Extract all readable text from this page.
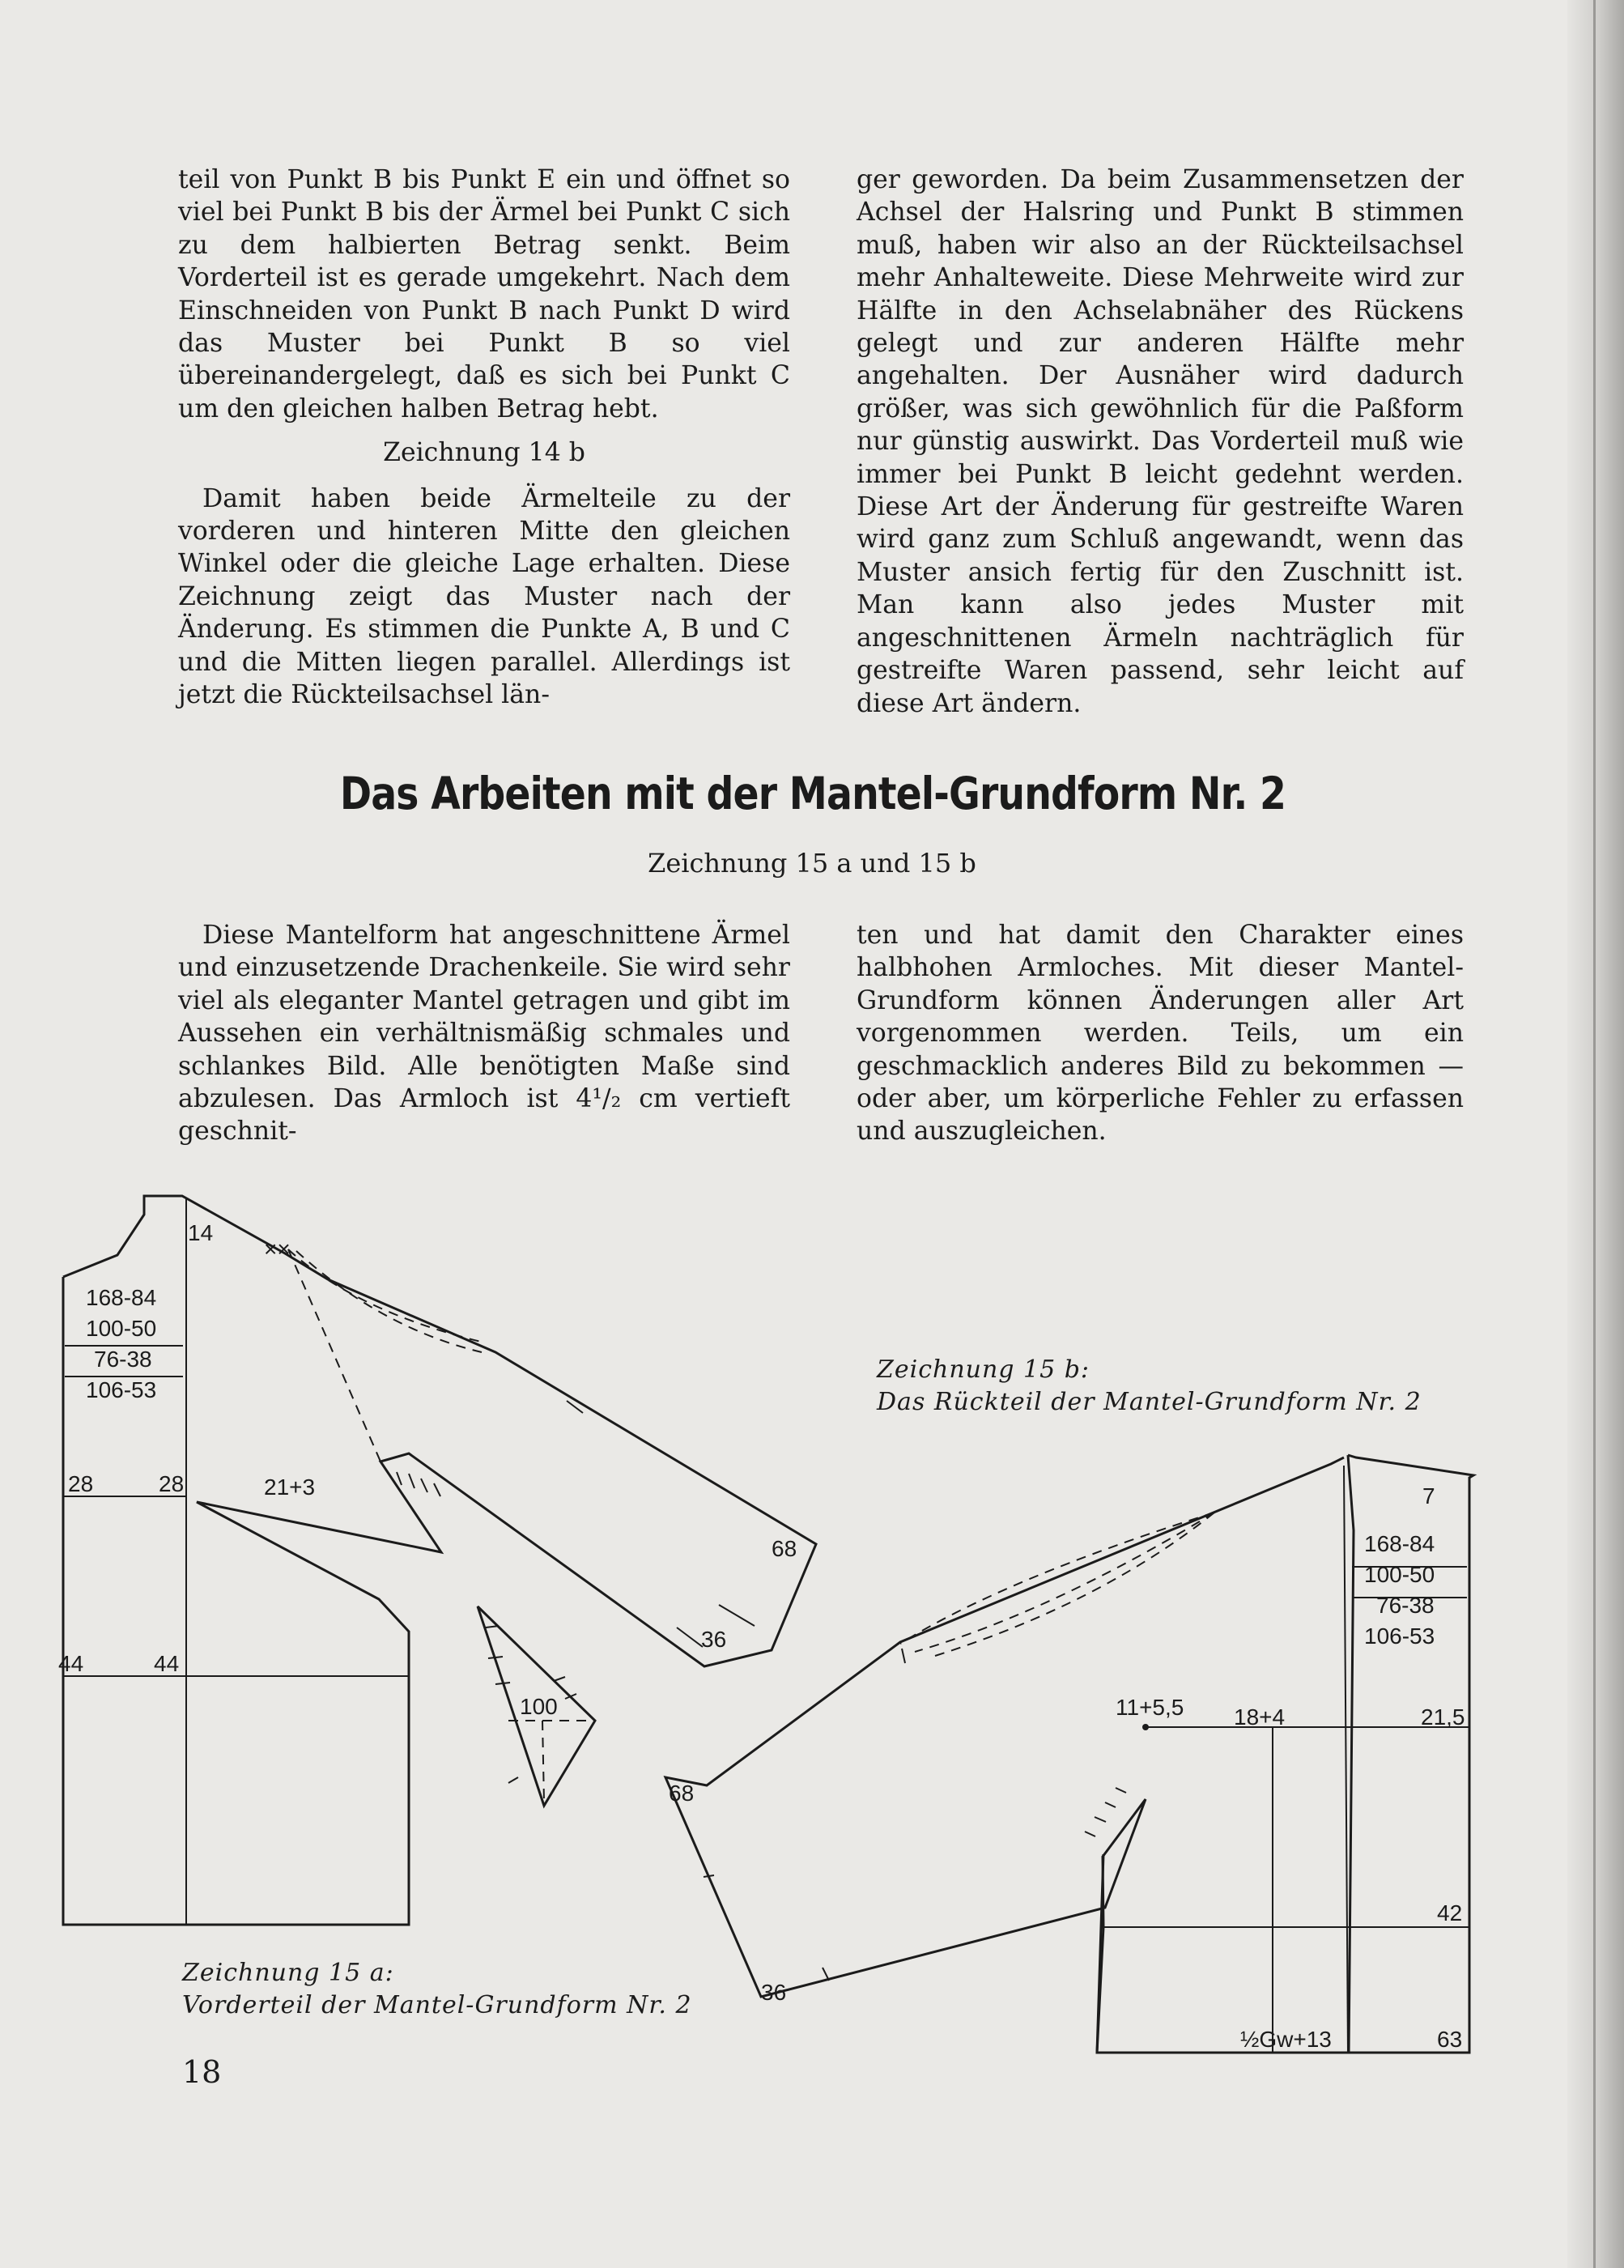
teil von Punkt B bis Punkt E ein und öffnet so viel bei Punkt B bis der Ärmel bei Punkt C sich zu dem halbierten Betrag senkt. Beim Vorderteil ist es gerade umgekehrt. Nach dem Einschneiden von Punkt B nach Punkt D wird das Muster bei Punkt B so viel übereinandergelegt, daß es sich bei Punkt C um den gleichen halben Betrag hebt.

Zeichnung 14 b

Damit haben beide Ärmelteile zu der vorderen und hinteren Mitte den gleichen Winkel oder die gleiche Lage erhalten. Diese Zeichnung zeigt das Muster nach der Änderung. Es stimmen die Punkte A, B und C und die Mitten liegen parallel. Allerdings ist jetzt die Rückteilsachsel län-

ger geworden. Da beim Zusammensetzen der Achsel der Halsring und Punkt B stimmen muß, haben wir also an der Rückteilsachsel mehr Anhalteweite. Diese Mehrweite wird zur Hälfte in den Achselabnäher des Rückens gelegt und zur anderen Hälfte mehr angehalten. Der Ausnäher wird dadurch größer, was sich gewöhnlich für die Paßform nur günstig auswirkt. Das Vorderteil muß wie immer bei Punkt B leicht gedehnt werden. Diese Art der Änderung für gestreifte Waren wird ganz zum Schluß angewandt, wenn das Muster ansich fertig für den Zuschnitt ist. Man kann also jedes Muster mit angeschnittenen Ärmeln nachträglich für gestreifte Waren passend, sehr leicht auf diese Art ändern.

Das Arbeiten mit der Mantel-Grundform Nr. 2
Zeichnung 15 a und 15 b

Diese Mantelform hat angeschnittene Ärmel und einzusetzende Drachenkeile. Sie wird sehr viel als eleganter Mantel getragen und gibt im Aussehen ein verhältnismäßig schmales und schlankes Bild. Alle benötigten Maße sind abzulesen. Das Armloch ist 4¹/₂ cm vertieft geschnit-

ten und hat damit den Charakter eines halbhohen Armloches. Mit dieser Mantel-Grundform können Änderungen aller Art vorgenommen werden. Teils, um ein geschmacklich anderes Bild zu bekommen — oder aber, um körperliche Fehler zu erfassen und auszugleichen.

14
××
168-84
100-50
76-38
106-53
28	28	21+3
68
36
44	44
100
7
168-84
100-50
76-38
106-53
11+5,5 18+4	21,5
68
36
42
½Gw+13	63
Zeichnung 15 b:
Das Rückteil der Mantel-Grundform Nr. 2
Zeichnung 15 a:
Vorderteil der Mantel-Grundform Nr. 2
18
